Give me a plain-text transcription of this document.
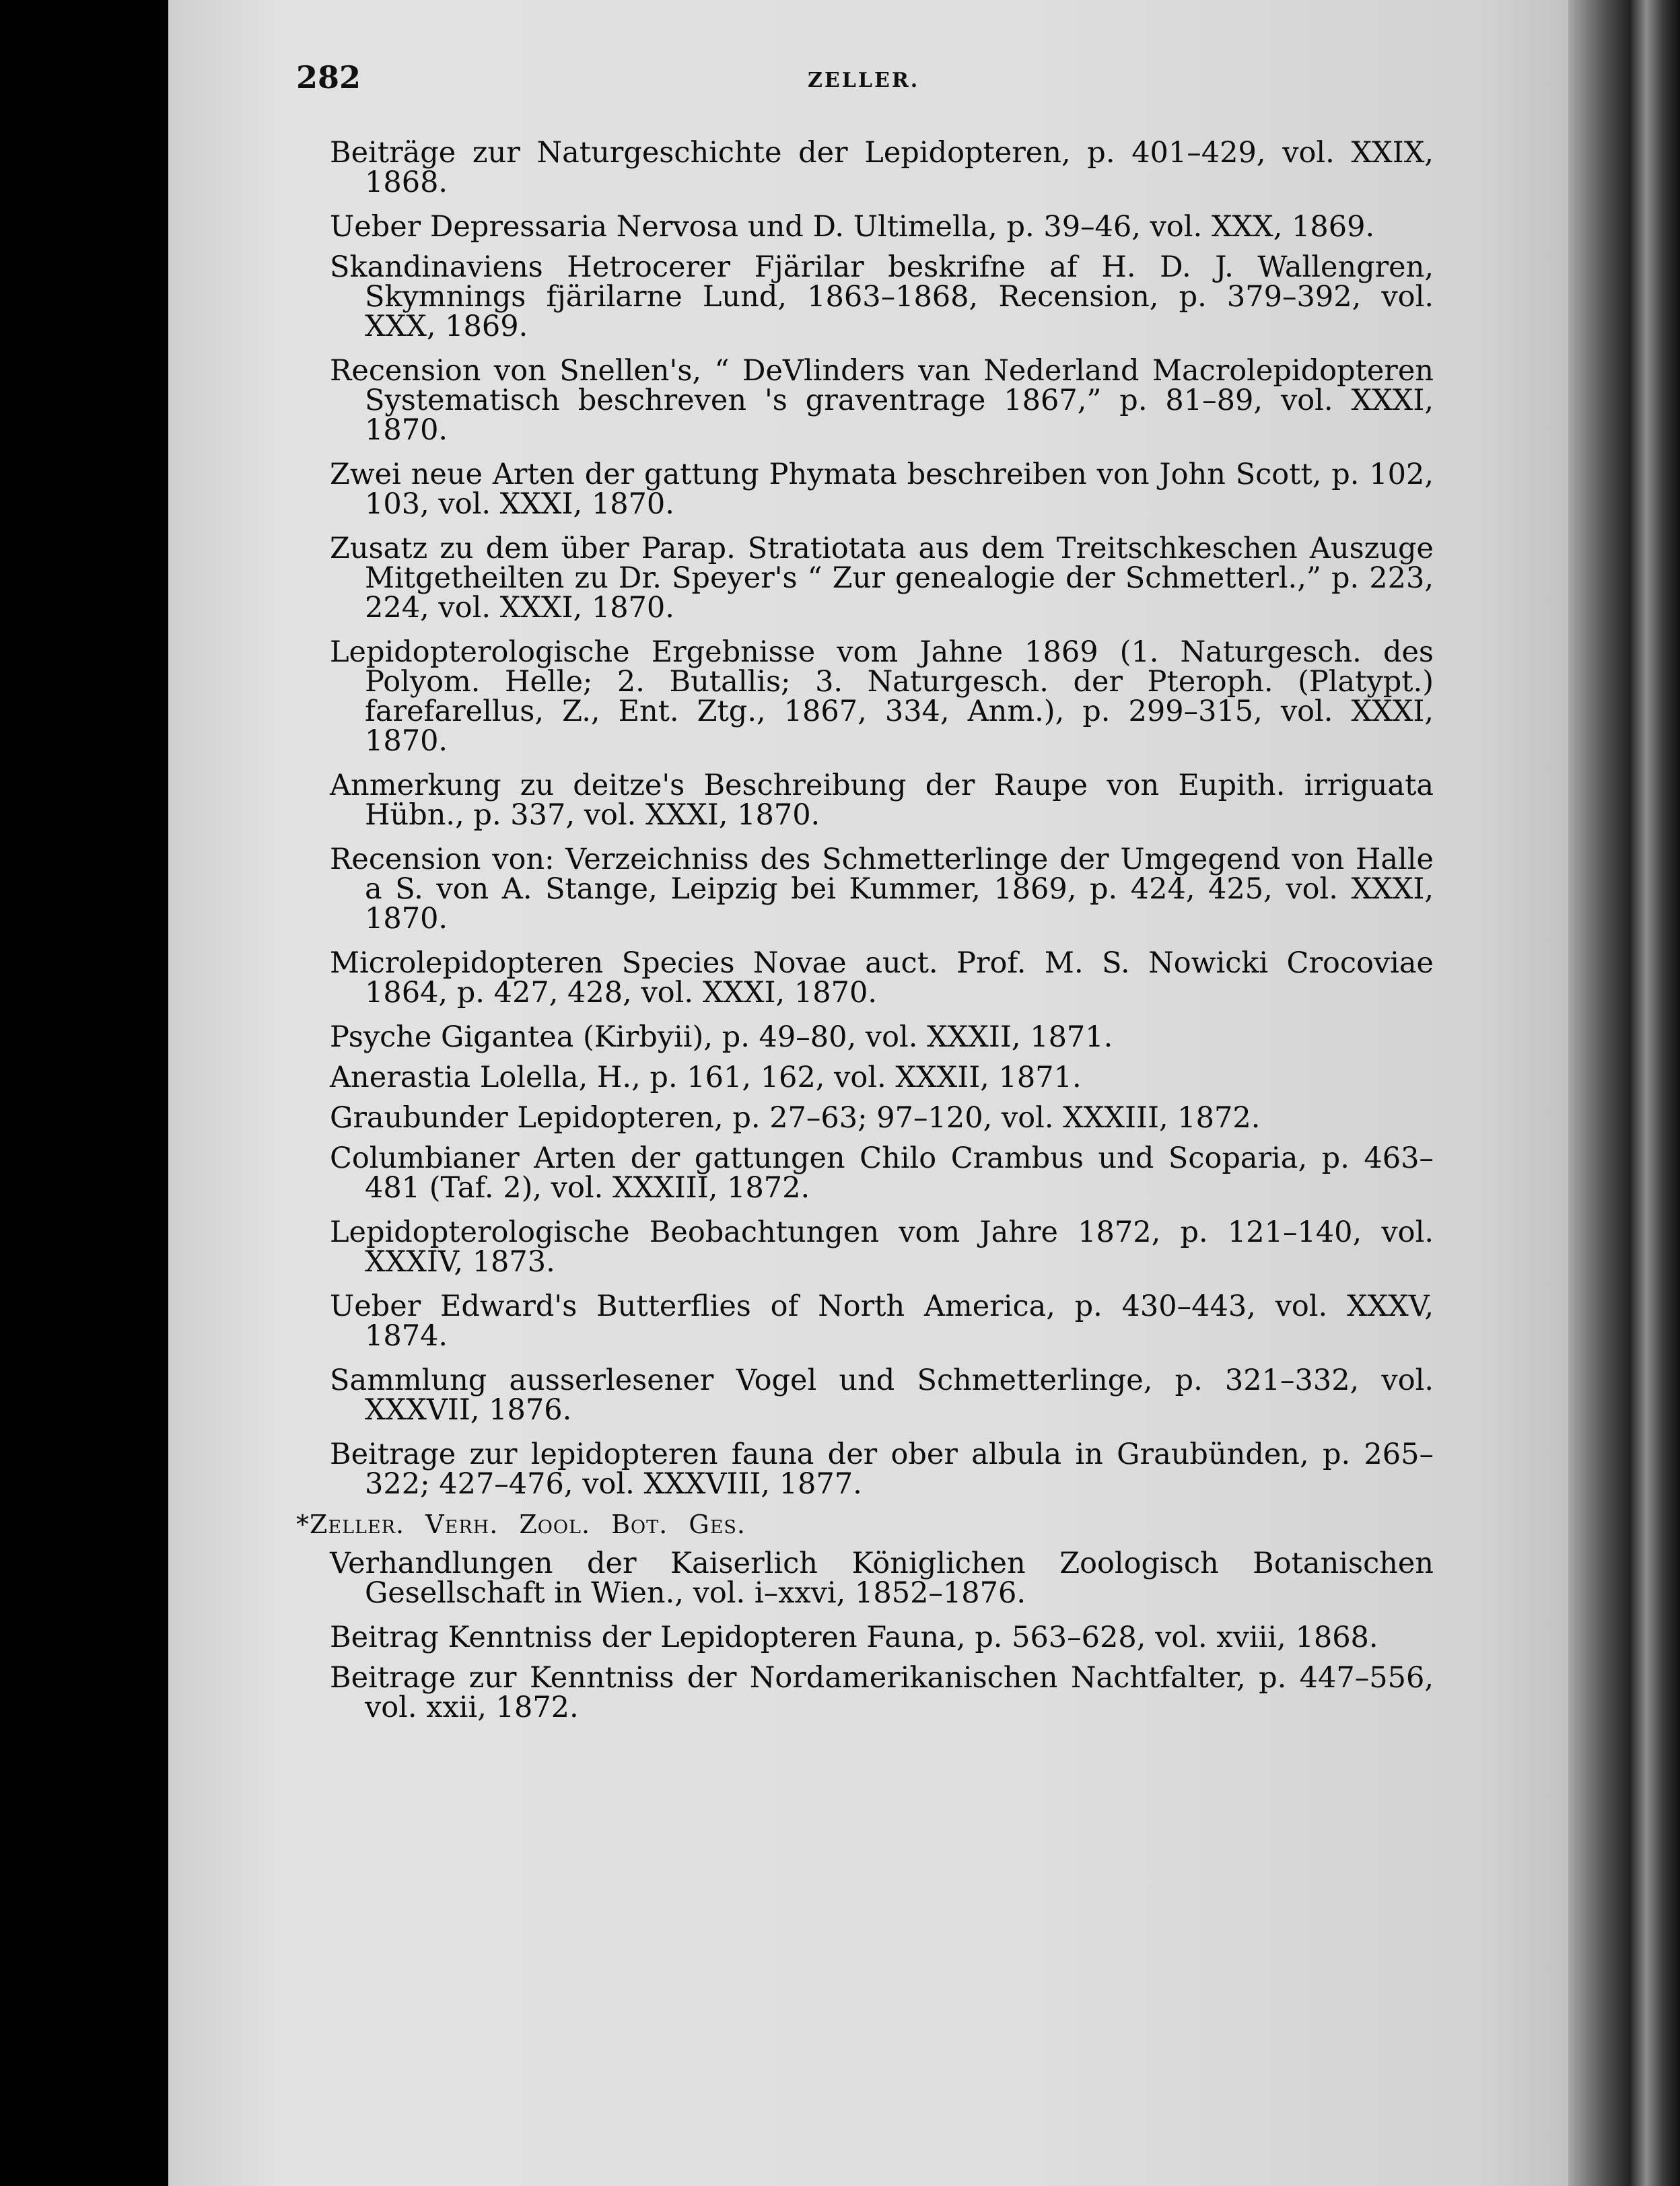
282	ZELLER.

Beiträge zur Naturgeschichte der Lepidopteren, p. 401–429, vol. XXIX, 1868.

Ueber Depressaria Nervosa und D. Ultimella, p. 39–46, vol. XXX, 1869.

Skandinaviens Hetrocerer Fjärilar beskrifne af H. D. J. Wallengren, Skymnings fjärilarne Lund, 1863–1868, Recension, p. 379–392, vol. XXX, 1869.

Recension von Snellen's, “ DeVlinders van Nederland Macrolepidopteren Systematisch beschreven 's graventrage 1867,” p. 81–89, vol. XXXI, 1870.

Zwei neue Arten der gattung Phymata beschreiben von John Scott, p. 102, 103, vol. XXXI, 1870.

Zusatz zu dem über Parap. Stratiotata aus dem Treitschkeschen Auszuge Mitgetheilten zu Dr. Speyer's “ Zur genealogie der Schmetterl.,” p. 223, 224, vol. XXXI, 1870.

Lepidopterologische Ergebnisse vom Jahne 1869 (1. Naturgesch. des Polyom. Helle; 2. Butallis; 3. Naturgesch. der Pteroph. (Platypt.) farefarellus, Z., Ent. Ztg., 1867, 334, Anm.), p. 299–315, vol. XXXI, 1870.

Anmerkung zu deitze's Beschreibung der Raupe von Eupith. irriguata Hübn., p. 337, vol. XXXI, 1870.

Recension von: Verzeichniss des Schmetterlinge der Umgegend von Halle a S. von A. Stange, Leipzig bei Kummer, 1869, p. 424, 425, vol. XXXI, 1870.

Microlepidopteren Species Novae auct. Prof. M. S. Nowicki Crocoviae 1864, p. 427, 428, vol. XXXI, 1870.

Psyche Gigantea (Kirbyii), p. 49–80, vol. XXXII, 1871.

Anerastia Lolella, H., p. 161, 162, vol. XXXII, 1871.

Graubunder Lepidopteren, p. 27–63; 97–120, vol. XXXIII, 1872.

Columbianer Arten der gattungen Chilo Crambus und Scoparia, p. 463–481 (Taf. 2), vol. XXXIII, 1872.

Lepidopterologische Beobachtungen vom Jahre 1872, p. 121–140, vol. XXXIV, 1873.

Ueber Edward's Butterflies of North America, p. 430–443, vol. XXXV, 1874.

Sammlung ausserlesener Vogel und Schmetterlinge, p. 321–332, vol. XXXVII, 1876.

Beitrage zur lepidopteren fauna der ober albula in Graubünden, p. 265–322; 427–476, vol. XXXVIII, 1877.

*Zeller. Verh. Zool. Bot. Ges.

Verhandlungen der Kaiserlich Königlichen Zoologisch Botanischen Gesellschaft in Wien., vol. i–xxvi, 1852–1876.

Beitrag Kenntniss der Lepidopteren Fauna, p. 563–628, vol. xviii, 1868.

Beitrage zur Kenntniss der Nordamerikanischen Nachtfalter, p. 447–556, vol. xxii, 1872.
